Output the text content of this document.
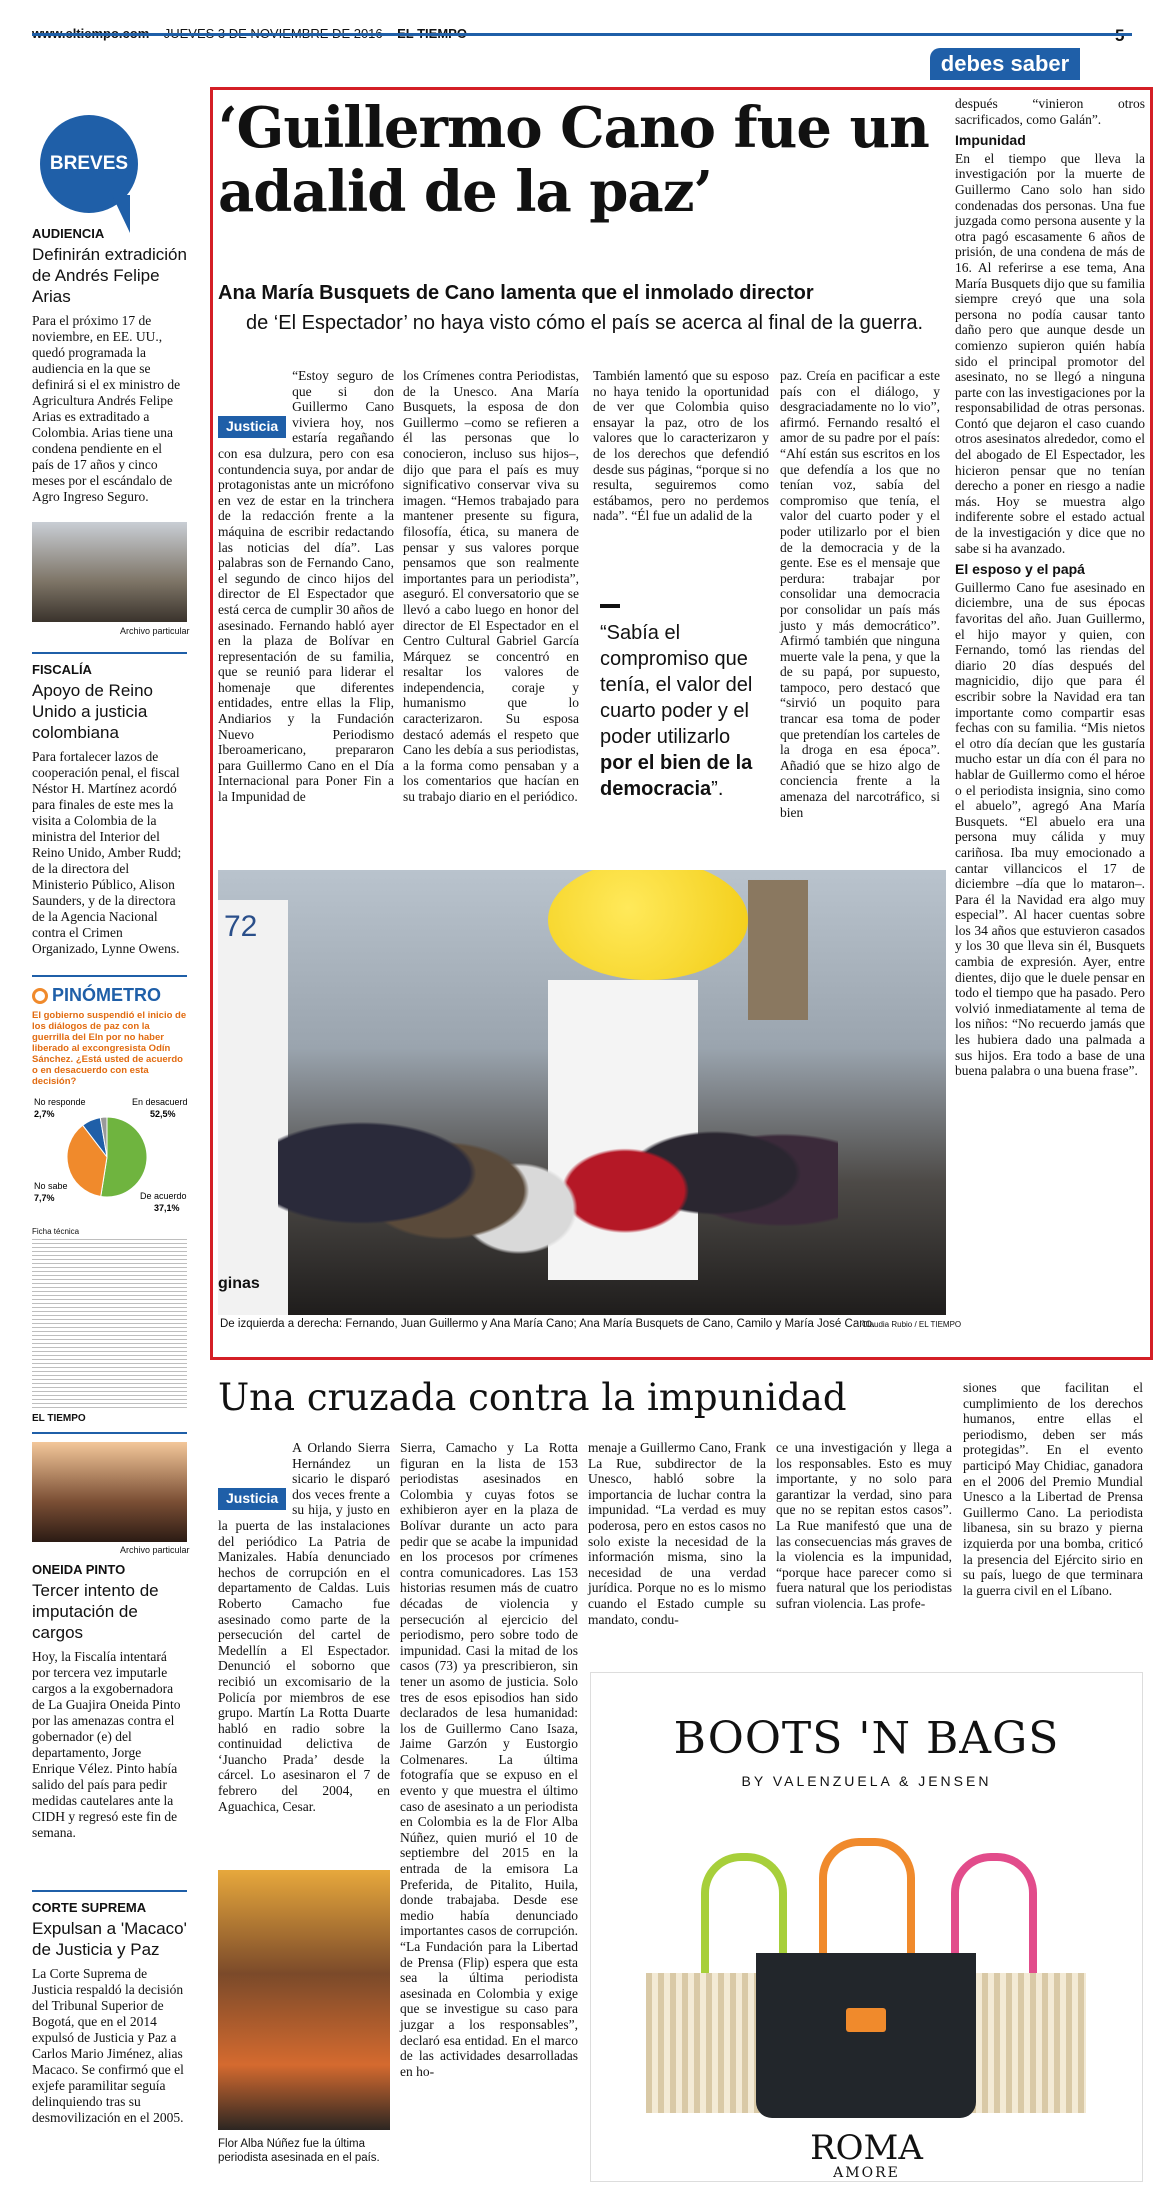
debes saber
BREVES
AUDIENCIA
Definirán extradición de Andrés Felipe Arias

Para el próximo 17 de noviembre, en EE. UU., quedó programada la audiencia en la que se definirá si el ex ministro de Agricultura Andrés Felipe Arias es extraditado a Colombia. Arias tiene una condena pendiente en el país de 17 años y cinco meses por el escándalo de Agro Ingreso Seguro.

Archivo particular
FISCALÍA
Apoyo de Reino Unido a justicia colombiana

Para fortalecer lazos de cooperación penal, el fiscal Néstor H. Martínez acordó para finales de este mes la visita a Colombia de la ministra del Interior del Reino Unido, Amber Rudd; de la directora del Ministerio Público, Alison Saunders, y de la directora de la Agencia Nacional contra el Crimen Organizado, Lynne Owens.

PINÓMETRO

El gobierno suspendió el inicio de los diálogos de paz con la guerrilla del Eln por no haber liberado al excongresista Odín Sánchez. ¿Está usted de acuerdo o en desacuerdo con esta decisión?

No responde
2,7%
En desacuerdo
52,5%
No sabe
7,7%	De acuerdo
37,1%
Ficha técnica
EL TIEMPO
Archivo particular
ONEIDA PINTO
Tercer intento de imputación de cargos

Hoy, la Fiscalía intentará por tercera vez imputarle cargos a la exgobernadora de La Guajira Oneida Pinto por las amenazas contra el gobernador (e) del departamento, Jorge Enrique Vélez. Pinto había salido del país para pedir medidas cautelares ante la CIDH y regresó este fin de semana.

CORTE SUPREMA
Expulsan a 'Macaco' de Justicia y Paz

La Corte Suprema de Justicia respaldó la decisión del Tribunal Superior de Bogotá, que en el 2014 expulsó de Justicia y Paz a Carlos Mario Jiménez, alias Macaco. Se confirmó que el exjefe paramilitar seguía delinquiendo tras su desmovilización en el 2005.

‘Guillermo Cano fue un adalid de la paz’
Ana María Busquets de Cano lamenta que el inmolado director
de ‘El Espectador’ no haya visto cómo el país se acerca al final de la guerra.
Justicia
“Estoy seguro de que si don Guillermo Cano viviera hoy, nos estaría regañando con esa dulzura, pero con esa contundencia suya, por andar de protagonistas ante un micrófono en vez de estar en la trinchera de la redacción frente a la máquina de escribir redactando las noticias del día”. Las palabras son de Fernando Cano, el segundo de cinco hijos del director de El Espectador que está cerca de cumplir 30 años de asesinado. Fernando habló ayer en la plaza de Bolívar en representación de su familia, que se reunió para liderar el homenaje que diferentes entidades, entre ellas la Flip, Andiarios y la Fundación Nuevo Periodismo Iberoamericano, prepararon para Guillermo Cano en el Día Internacional para Poner Fin a la Impunidad de
los Crímenes contra Periodistas, de la Unesco. Ana María Busquets, la esposa de don Guillermo –como se refieren a él las personas que lo conocieron, incluso sus hijos–, dijo que para el país es muy significativo conservar viva su imagen. “Hemos trabajado para mantener presente su figura, filosofía, ética, su manera de pensar y sus valores porque pensamos que son realmente importantes para un periodista”, aseguró. El conversatorio que se llevó a cabo luego en honor del director de El Espectador en el Centro Cultural Gabriel García Márquez se concentró en resaltar los valores de independencia, coraje y humanismo que lo caracterizaron. Su esposa destacó además el respeto que Cano les debía a sus periodistas, a la forma como pensaban y a los comentarios que hacían en su trabajo diario en el periódico.
También lamentó que su esposo no haya tenido la oportunidad de ver que Colombia quiso ensayar la paz, otro de los valores que lo caracterizaron y de los derechos que defendió desde sus páginas, “porque si no resulta, seguiremos como estábamos, pero no perdemos nada”. “Él fue un adalid de la
“Sabía el compromiso que tenía, el valor del cuarto poder y el poder utilizarlo por el bien de la democracia”.
paz. Creía en pacificar a este país con el diálogo, y desgraciadamente no lo vio”, afirmó. Fernando resaltó el amor de su padre por el país: “Ahí están sus escritos en los que defendía a los que no tenían voz, sabía del compromiso que tenía, el valor del cuarto poder y el poder utilizarlo por el bien de la democracia y de la gente. Ese es el mensaje que perdura: trabajar por consolidar una democracia por consolidar un país más justo y más democrático”. Afirmó también que ninguna muerte vale la pena, y que la de su papá, por supuesto, tampoco, pero destacó que “sirvió un poquito para trancar esa toma de poder que pretendían los carteles de la droga en esa época”. Añadió que se hizo algo de conciencia frente a la amenaza del narcotráfico, si bien
después “vinieron otros sacrificados, como Galán”.
Impunidad
En el tiempo que lleva la investigación por la muerte de Guillermo Cano solo han sido condenadas dos personas. Una fue juzgada como persona ausente y la otra pagó escasamente 6 años de prisión, de una condena de más de 16. Al referirse a ese tema, Ana María Busquets dijo que su familia siempre creyó que una sola persona no podía causar tanto daño pero que aunque desde un comienzo supieron quién había sido el principal promotor del asesinato, no se llegó a ninguna parte con las investigaciones por la responsabilidad de otras personas. Contó que dejaron el caso cuando otros asesinatos alrededor, como el del abogado de El Espectador, les hicieron pensar que no tenían derecho a poner en riesgo a nadie más. Hoy se muestra algo indiferente sobre el estado actual de la investigación y dice que no sabe si ha avanzado.
El esposo y el papá
Guillermo Cano fue asesinado en diciembre, una de sus épocas favoritas del año. Juan Guillermo, el hijo mayor y quien, con Fernando, tomó las riendas del diario 20 días después del magnicidio, dijo que para él escribir sobre la Navidad era tan importante como compartir esas fechas con su familia. “Mis nietos el otro día decían que les gustaría mucho estar un día con él para no hablar de Guillermo como el héroe o el periodista insignia, sino como el abuelo”, agregó Ana María Busquets. “El abuelo era una persona muy cálida y muy cariñosa. Iba muy emocionado a cantar villancicos el 17 de diciembre –día que lo mataron–. Para él la Navidad era algo muy especial”. Al hacer cuentas sobre los 34 años que estuvieron casados y los 30 que lleva sin él, Busquets cambia de expresión. Ayer, entre dientes, dijo que le duele pensar en todo el tiempo que ha pasado. Pero volvió inmediatamente al tema de los niños: “No recuerdo jamás que les hubiera dado una palmada a sus hijos. Era todo a base de una buena palabra o una buena frase”.
72
ginas
De izquierda a derecha: Fernando, Juan Guillermo y Ana María Cano; Ana María Busquets de Cano, Camilo y María José Cano.
Claudia Rubio / EL TIEMPO
Una cruzada contra la impunidad
Justicia
A Orlando Sierra Hernández un sicario le disparó dos veces frente a su hija, y justo en la puerta de las instalaciones del periódico La Patria de Manizales. Había denunciado hechos de corrupción en el departamento de Caldas. Luis Roberto Camacho fue asesinado como parte de la persecución del cartel de Medellín a El Espectador. Denunció el soborno que recibió un excomisario de la Policía por miembros de ese grupo. Martín La Rotta Duarte habló en radio sobre la continuidad delictiva de ‘Juancho Prada’ desde la cárcel. Lo asesinaron el 7 de febrero del 2004, en Aguachica, Cesar.
Flor Alba Núñez fue la última periodista asesinada en el país.
Sierra, Camacho y La Rotta figuran en la lista de 153 periodistas asesinados en Colombia y cuyas fotos se exhibieron ayer en la plaza de Bolívar durante un acto para pedir que se acabe la impunidad en los procesos por crímenes contra comunicadores. Las 153 historias resumen más de cuatro décadas de violencia y persecución al ejercicio del periodismo, pero sobre todo de impunidad. Casi la mitad de los casos (73) ya prescribieron, sin tener un asomo de justicia. Solo tres de esos episodios han sido declarados de lesa humanidad: los de Guillermo Cano Isaza, Jaime Garzón y Eustorgio Colmenares. La última fotografía que se expuso en el evento y que muestra el último caso de asesinato a un periodista en Colombia es la de Flor Alba Núñez, quien murió el 10 de septiembre del 2015 en la entrada de la emisora La Preferida, de Pitalito, Huila, donde trabajaba. Desde ese medio había denunciado importantes casos de corrupción. “La Fundación para la Libertad de Prensa (Flip) espera que esta sea la última periodista asesinada en Colombia y exige que se investigue su caso para juzgar a los responsables”, declaró esa entidad. En el marco de las actividades desarrolladas en ho-
menaje a Guillermo Cano, Frank La Rue, subdirector de la Unesco, habló sobre la importancia de luchar contra la impunidad. “La verdad es muy poderosa, pero en estos casos no solo existe la necesidad de la información misma, sino la necesidad de una verdad jurídica. Porque no es lo mismo cuando el Estado cumple su mandato, condu-
ce una investigación y llega a los responsables. Esto es muy importante, y no solo para garantizar la verdad, sino para que no se repitan estos casos”. La Rue manifestó que una de las consecuencias más graves de la violencia es la impunidad, “porque hace parecer como si fuera natural que los periodistas sufran violencia. Las profe-
siones que facilitan el cumplimiento de los derechos humanos, entre ellas el periodismo, deben ser más protegidas”. En el evento participó May Chidiac, ganadora en el 2006 del Premio Mundial Unesco a la Libertad de Prensa Guillermo Cano. La periodista libanesa, sin su brazo y pierna izquierda por una bomba, criticó la presencia del Ejército sirio en su país, luego de que terminara la guerra civil en el Líbano.
BOOTS 'N BAGS
BY VALENZUELA & JENSEN
ROMA
AMORE
